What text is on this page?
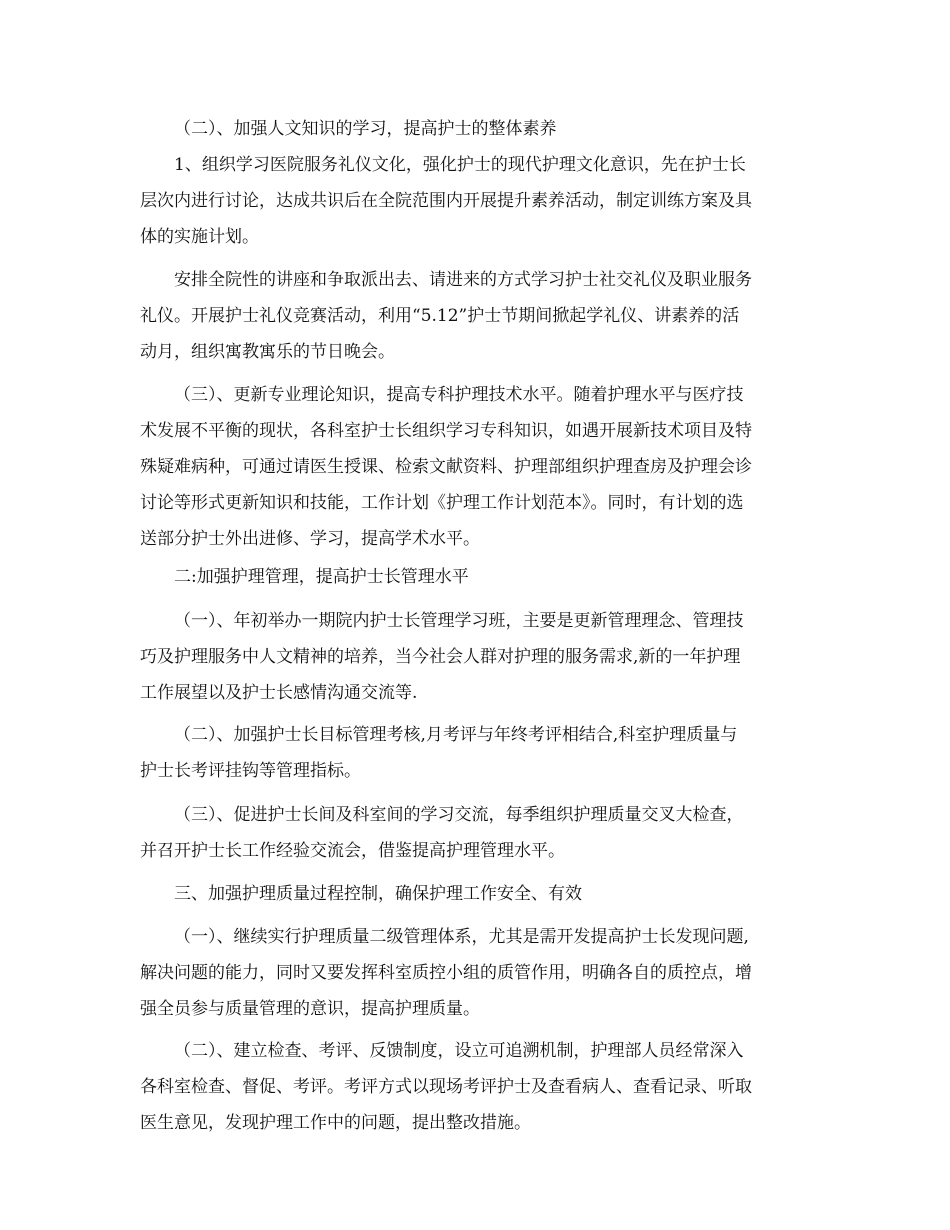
（二）、加强人文知识的学习，提高护士的整体素养
1、组织学习医院服务礼仪文化，强化护士的现代护理文化意识，先在护士长
层次内进行讨论，达成共识后在全院范围内开展提升素养活动，制定训练方案及具
体的实施计划。
安排全院性的讲座和争取派出去、请进来的方式学习护士社交礼仪及职业服务
礼仪。开展护士礼仪竞赛活动，利用“5.12”护士节期间掀起学礼仪、讲素养的活
动月，组织寓教寓乐的节日晚会。
（三）、更新专业理论知识，提高专科护理技术水平。随着护理水平与医疗技
术发展不平衡的现状，各科室护士长组织学习专科知识，如遇开展新技术项目及特
殊疑难病种，可通过请医生授课、检索文献资料、护理部组织护理查房及护理会诊
讨论等形式更新知识和技能，工作计划《护理工作计划范本》。同时，有计划的选
送部分护士外出进修、学习，提高学术水平。
二:加强护理管理，提高护士长管理水平
（一）、年初举办一期院内护士长管理学习班，主要是更新管理理念、管理技
巧及护理服务中人文精神的培养，当今社会人群对护理的服务需求,新的一年护理
工作展望以及护士长感情沟通交流等.
（二）、加强护士长目标管理考核,月考评与年终考评相结合,科室护理质量与
护士长考评挂钩等管理指标。
（三）、促进护士长间及科室间的学习交流，每季组织护理质量交叉大检查，
并召开护士长工作经验交流会，借鉴提高护理管理水平。
三、加强护理质量过程控制，确保护理工作安全、有效
（一）、继续实行护理质量二级管理体系，尤其是需开发提高护士长发现问题,
解决问题的能力，同时又要发挥科室质控小组的质管作用，明确各自的质控点，增
强全员参与质量管理的意识，提高护理质量。
（二）、建立检查、考评、反馈制度，设立可追溯机制，护理部人员经常深入
各科室检查、督促、考评。考评方式以现场考评护士及查看病人、查看记录、听取
医生意见，发现护理工作中的问题，提出整改措施。
